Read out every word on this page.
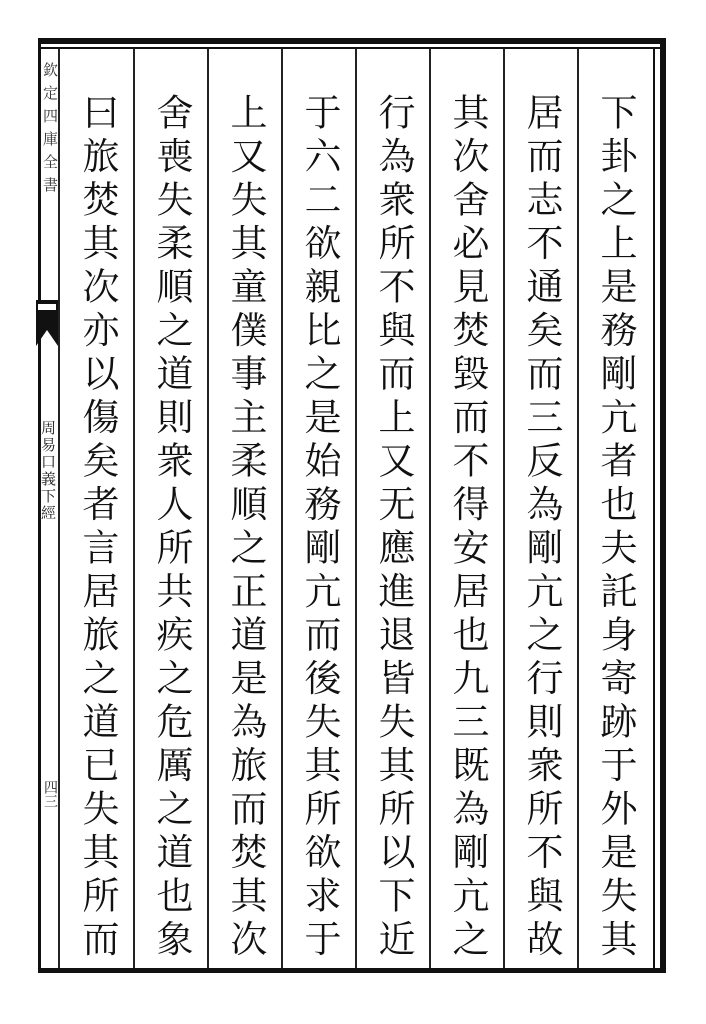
欽定四庫全書
周易口義下經
四三	下卦之上是務剛亢者也夫託身寄跡于外是失其
居而志不通矣而三反為剛亢之行則衆所不與故
其次舍必見焚毀而不得安居也九三既為剛亢之
行為衆所不與而上又无應進退皆失其所以下近
于六二欲親比之是始務剛亢而後失其所欲求于
上又失其童僕事主柔順之正道是為旅而焚其次
舍喪失柔順之道則衆人所共疾之危厲之道也象
曰旅焚其次亦以傷矣者言居旅之道已失其所而
